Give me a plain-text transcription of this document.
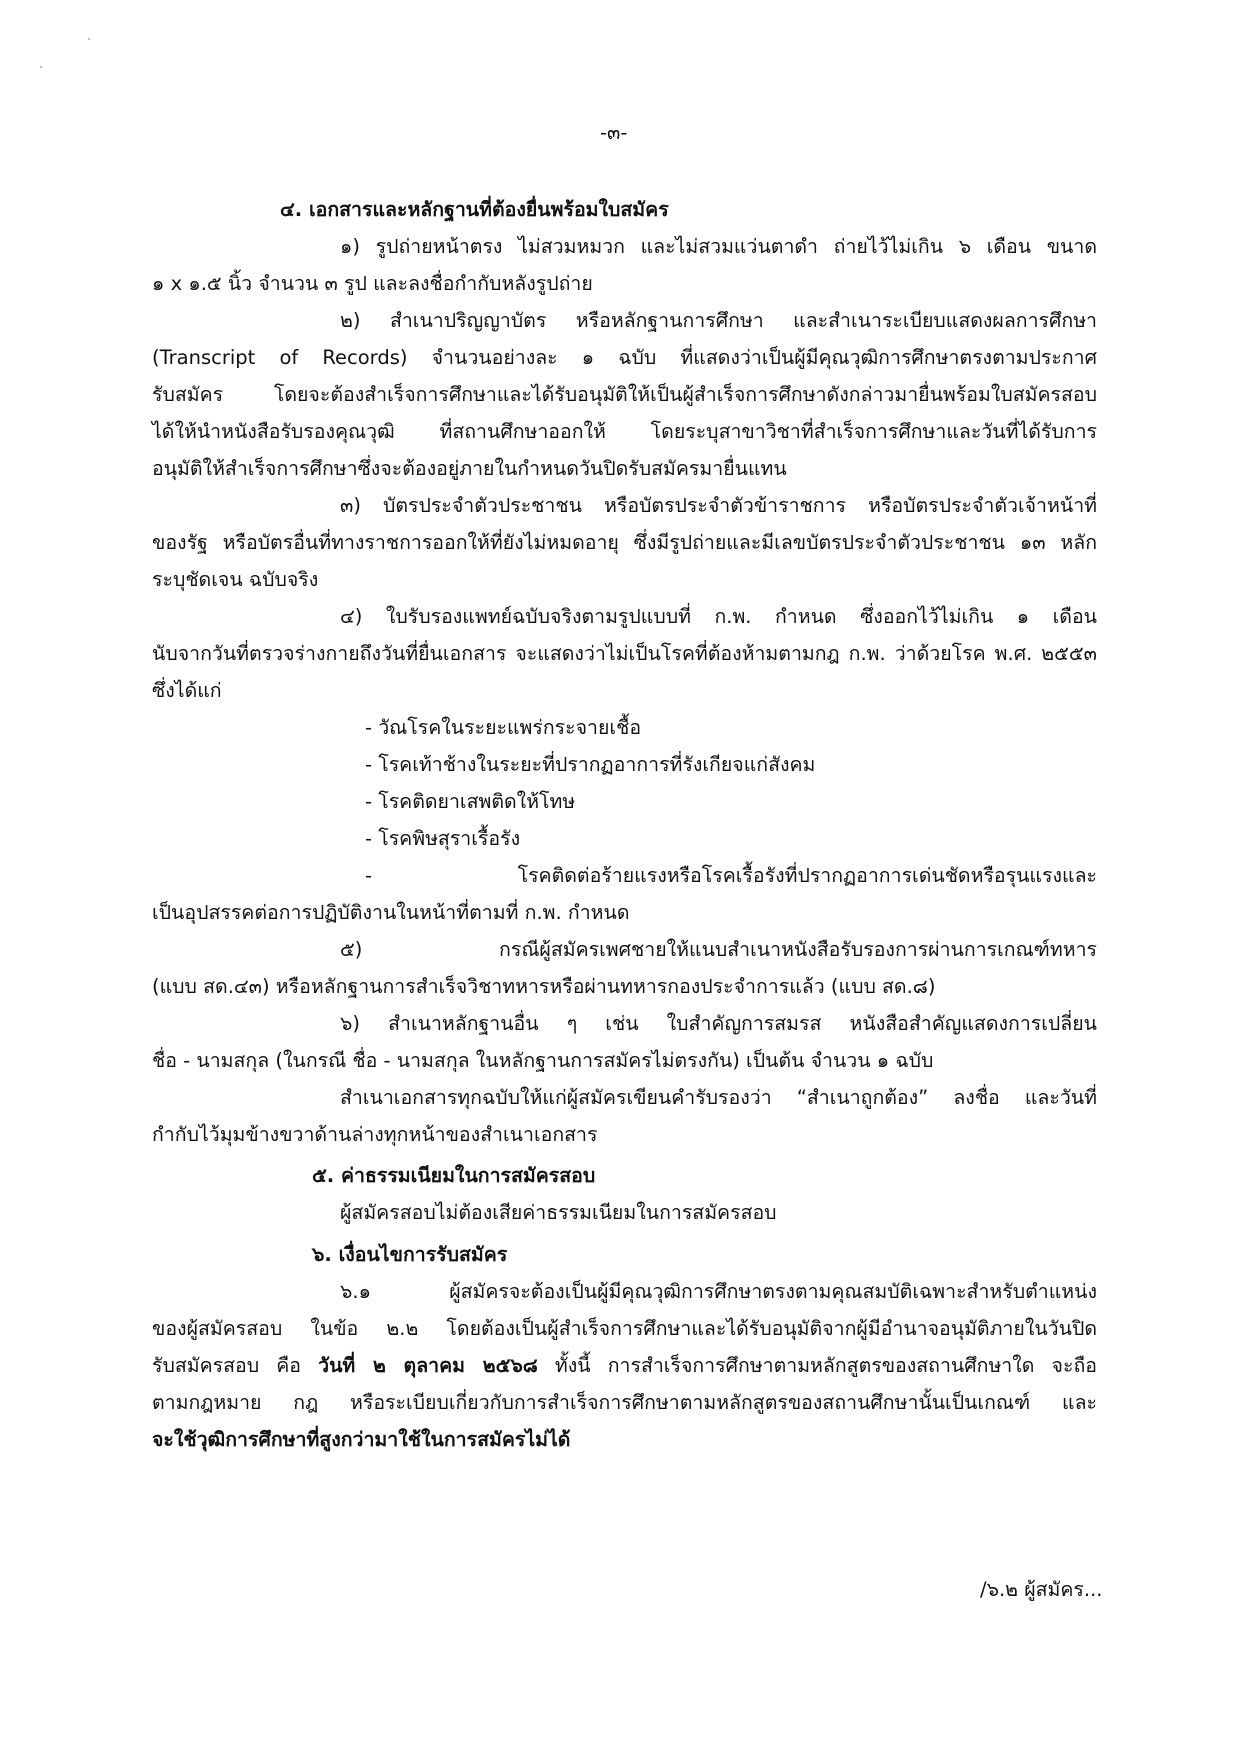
-๓-
๔. เอกสารและหลักฐานที่ต้องยื่นพร้อมใบสมัคร
๑) รูปถ่ายหน้าตรง ไม่สวมหมวก และไม่สวมแว่นตาดำ ถ่ายไว้ไม่เกิน ๖ เดือน ขนาด
๑ x ๑.๕ นิ้ว จำนวน ๓ รูป และลงชื่อกำกับหลังรูปถ่าย
๒) สำเนาปริญญาบัตร หรือหลักฐานการศึกษา และสำเนาระเบียบแสดงผลการศึกษา
(Transcript of Records) จำนวนอย่างละ ๑ ฉบับ ที่แสดงว่าเป็นผู้มีคุณวุฒิการศึกษาตรงตามประกาศ
รับสมัคร โดยจะต้องสำเร็จการศึกษาและได้รับอนุมัติให้เป็นผู้สำเร็จการศึกษาดังกล่าวมายื่นพร้อมใบสมัครสอบ
ได้ให้นำหนังสือรับรองคุณวุฒิ ที่สถานศึกษาออกให้ โดยระบุสาขาวิชาที่สำเร็จการศึกษาและวันที่ได้รับการ
อนุมัติให้สำเร็จการศึกษาซึ่งจะต้องอยู่ภายในกำหนดวันปิดรับสมัครมายื่นแทน
๓) บัตรประจำตัวประชาชน หรือบัตรประจำตัวข้าราชการ หรือบัตรประจำตัวเจ้าหน้าที่
ของรัฐ หรือบัตรอื่นที่ทางราชการออกให้ที่ยังไม่หมดอายุ ซึ่งมีรูปถ่ายและมีเลขบัตรประจำตัวประชาชน ๑๓ หลัก
ระบุชัดเจน ฉบับจริง
๔) ใบรับรองแพทย์ฉบับจริงตามรูปแบบที่ ก.พ. กำหนด ซึ่งออกไว้ไม่เกิน ๑ เดือน
นับจากวันที่ตรวจร่างกายถึงวันที่ยื่นเอกสาร จะแสดงว่าไม่เป็นโรคที่ต้องห้ามตามกฎ ก.พ. ว่าด้วยโรค พ.ศ. ๒๕๕๓
ซึ่งได้แก่
- วัณโรคในระยะแพร่กระจายเชื้อ
- โรคเท้าช้างในระยะที่ปรากฏอาการที่รังเกียจแก่สังคม
- โรคติดยาเสพติดให้โทษ
- โรคพิษสุราเรื้อรัง
- โรคติดต่อร้ายแรงหรือโรคเรื้อรังที่ปรากฏอาการเด่นชัดหรือรุนแรงและ
เป็นอุปสรรคต่อการปฏิบัติงานในหน้าที่ตามที่ ก.พ. กำหนด
๕) กรณีผู้สมัครเพศชายให้แนบสำเนาหนังสือรับรองการผ่านการเกณฑ์ทหาร
(แบบ สด.๔๓) หรือหลักฐานการสำเร็จวิชาทหารหรือผ่านทหารกองประจำการแล้ว (แบบ สด.๘)
๖) สำเนาหลักฐานอื่น ๆ เช่น ใบสำคัญการสมรส หนังสือสำคัญแสดงการเปลี่ยน
ชื่อ - นามสกุล (ในกรณี ชื่อ - นามสกุล ในหลักฐานการสมัครไม่ตรงกัน) เป็นต้น จำนวน ๑ ฉบับ
สำเนาเอกสารทุกฉบับให้แก่ผู้สมัครเขียนคำรับรองว่า “สำเนาถูกต้อง” ลงชื่อ และวันที่
กำกับไว้มุมข้างขวาด้านล่างทุกหน้าของสำเนาเอกสาร
๕. ค่าธรรมเนียมในการสมัครสอบ
ผู้สมัครสอบไม่ต้องเสียค่าธรรมเนียมในการสมัครสอบ
๖. เงื่อนไขการรับสมัคร
๖.๑ ผู้สมัครจะต้องเป็นผู้มีคุณวุฒิการศึกษาตรงตามคุณสมบัติเฉพาะสำหรับตำแหน่ง
ของผู้สมัครสอบ ในข้อ ๒.๒ โดยต้องเป็นผู้สำเร็จการศึกษาและได้รับอนุมัติจากผู้มีอำนาจอนุมัติภายในวันปิด
รับสมัครสอบ คือ วันที่ ๒ ตุลาคม ๒๕๖๘ ทั้งนี้ การสำเร็จการศึกษาตามหลักสูตรของสถานศึกษาใด จะถือ
ตามกฎหมาย กฎ หรือระเบียบเกี่ยวกับการสำเร็จการศึกษาตามหลักสูตรของสถานศึกษานั้นเป็นเกณฑ์ และ
จะใช้วุฒิการศึกษาที่สูงกว่ามาใช้ในการสมัครไม่ได้
/๖.๒ ผู้สมัคร...
